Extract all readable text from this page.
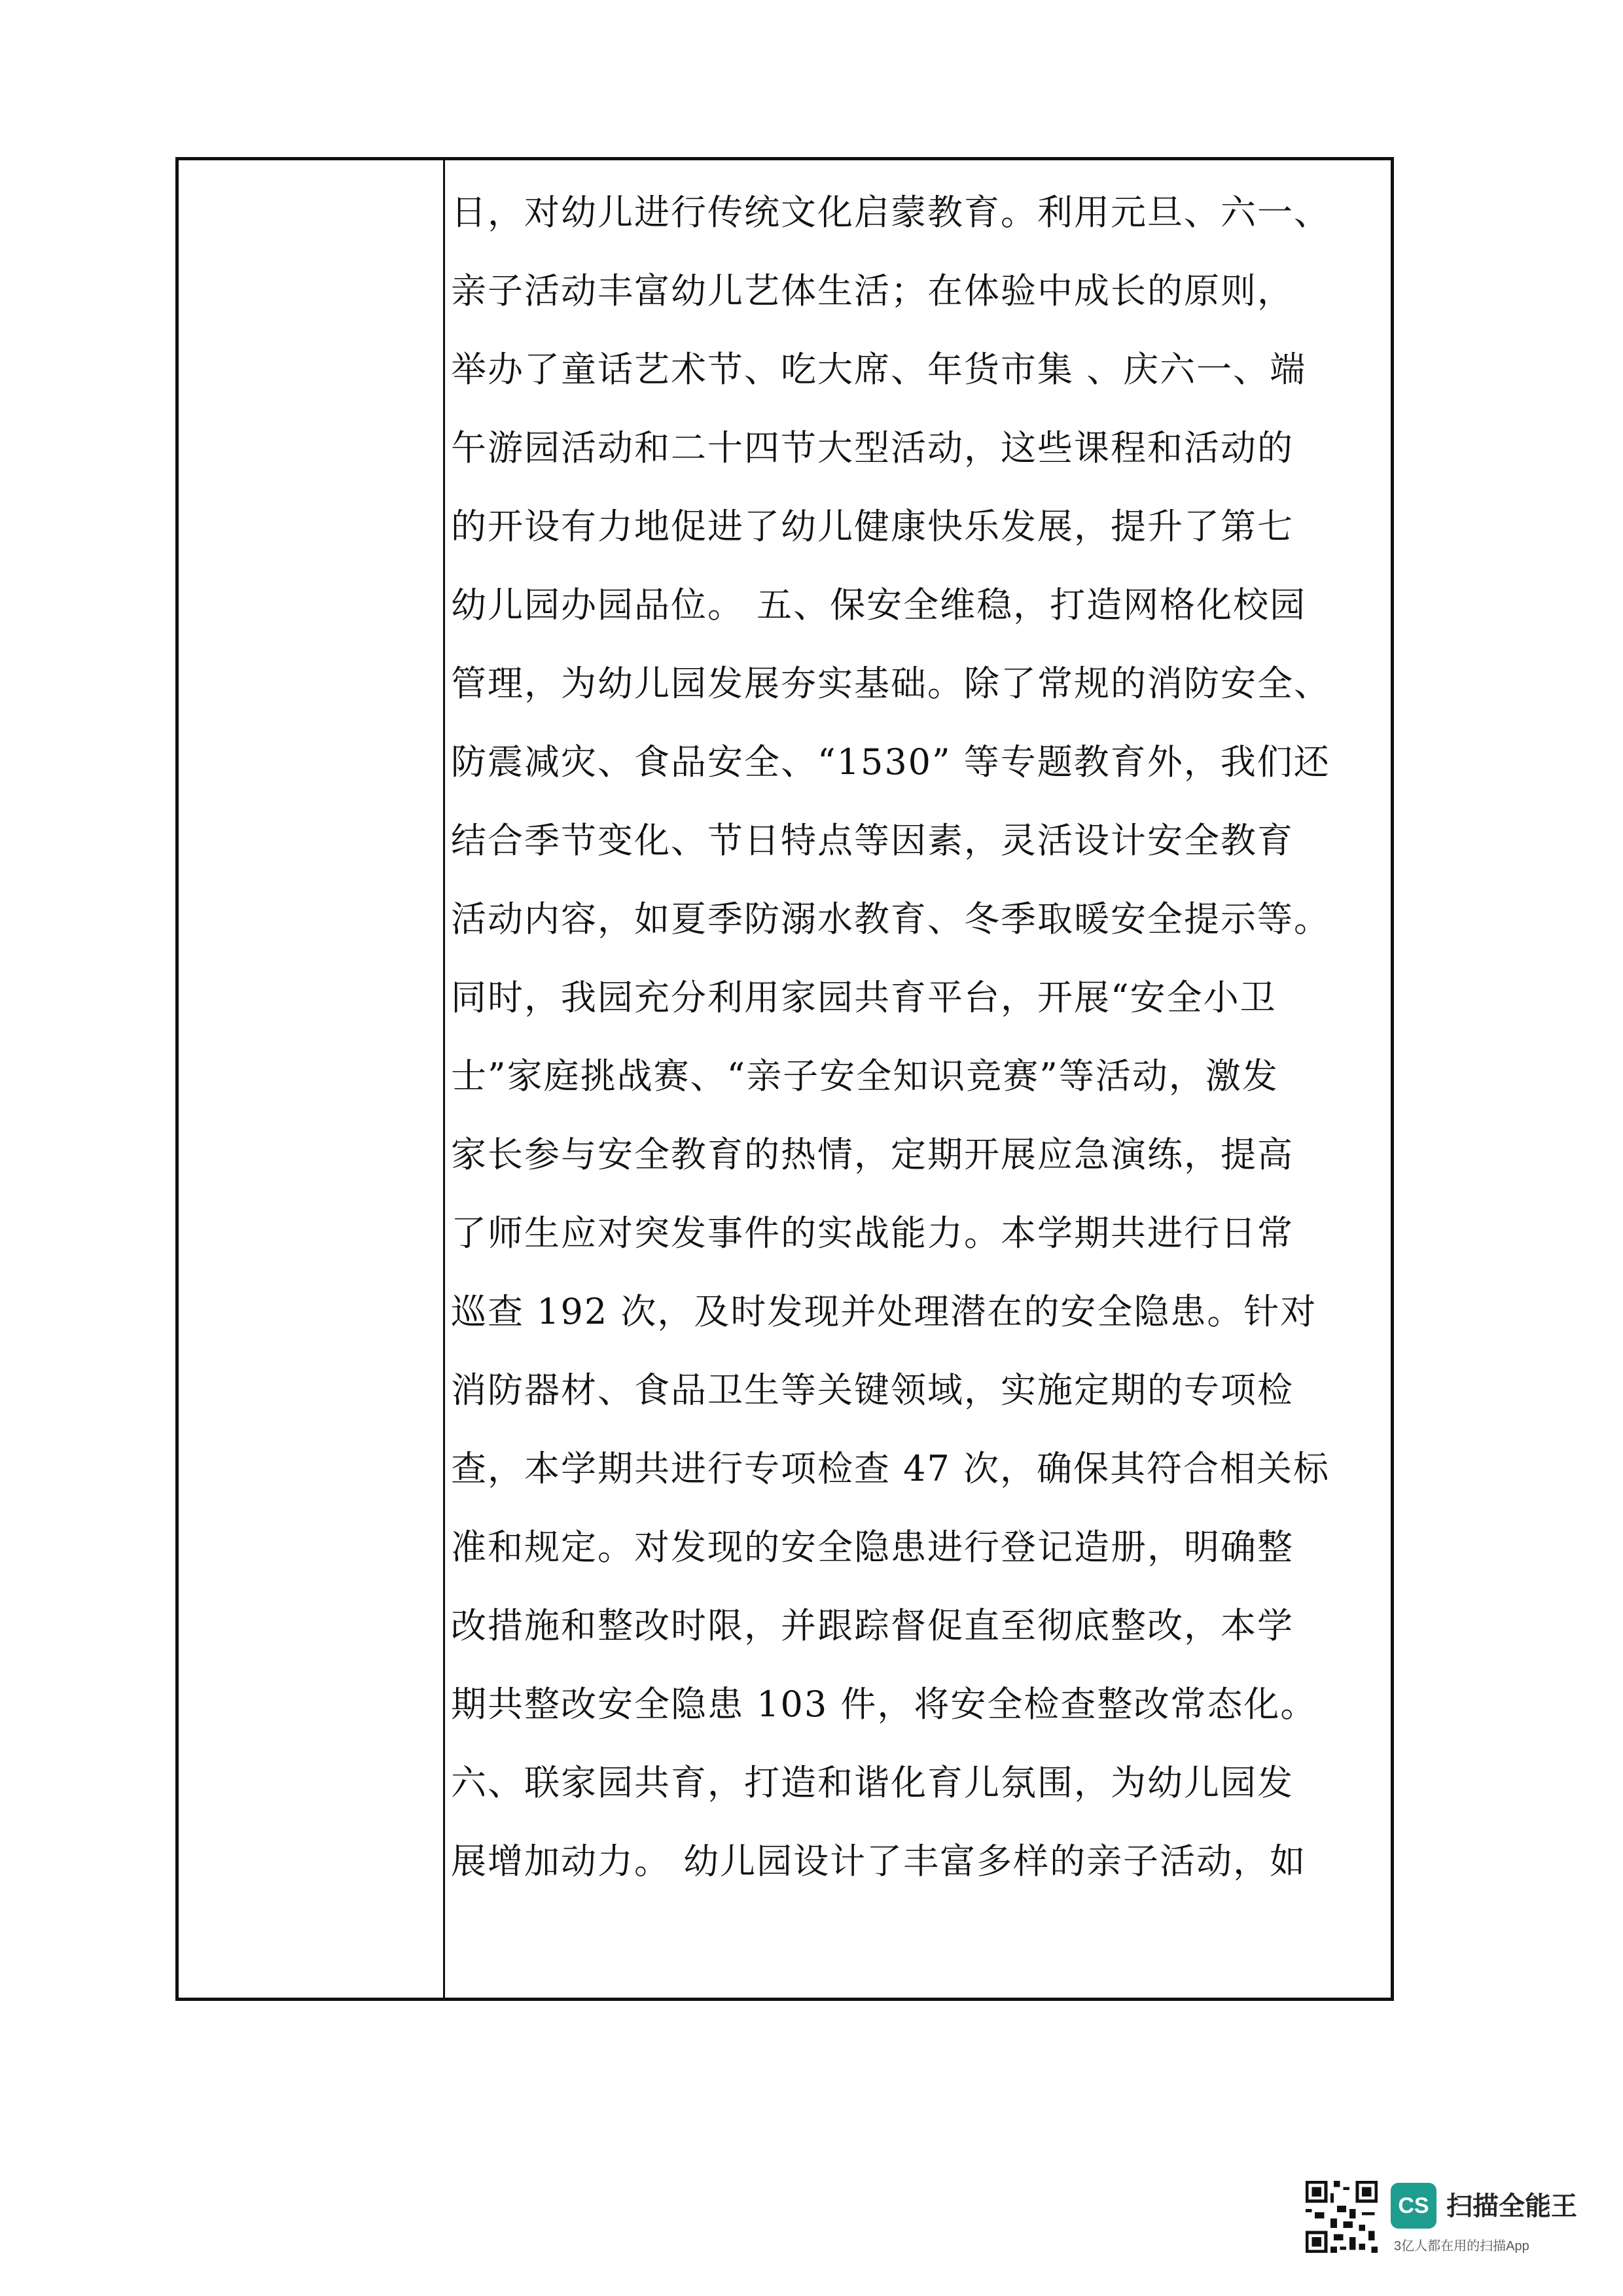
日，对幼儿进行传统文化启蒙教育。利用元旦、六一、
亲子活动丰富幼儿艺体生活；在体验中成长的原则，
举办了童话艺术节、吃大席、年货市集 、庆六一、端
午游园活动和二十四节大型活动，这些课程和活动的
的开设有力地促进了幼儿健康快乐发展，提升了第七
幼儿园办园品位。 五、保安全维稳，打造网格化校园
管理，为幼儿园发展夯实基础。除了常规的消防安全、
防震减灾、食品安全、“1530” 等专题教育外，我们还
结合季节变化、节日特点等因素，灵活设计安全教育
活动内容，如夏季防溺水教育、冬季取暖安全提示等。
同时，我园充分利用家园共育平台，开展“安全小卫
士”家庭挑战赛、“亲子安全知识竞赛”等活动，激发
家长参与安全教育的热情，定期开展应急演练，提高
了师生应对突发事件的实战能力。本学期共进行日常
巡查 192 次，及时发现并处理潜在的安全隐患。针对
消防器材、食品卫生等关键领域，实施定期的专项检
查，本学期共进行专项检查 47 次，确保其符合相关标
准和规定。对发现的安全隐患进行登记造册，明确整
改措施和整改时限，并跟踪督促直至彻底整改，本学
期共整改安全隐患 103 件，将安全检查整改常态化。
六、联家园共育，打造和谐化育儿氛围，为幼儿园发
展增加动力。 幼儿园设计了丰富多样的亲子活动，如
CS 扫描全能王
3亿人都在用的扫描App
